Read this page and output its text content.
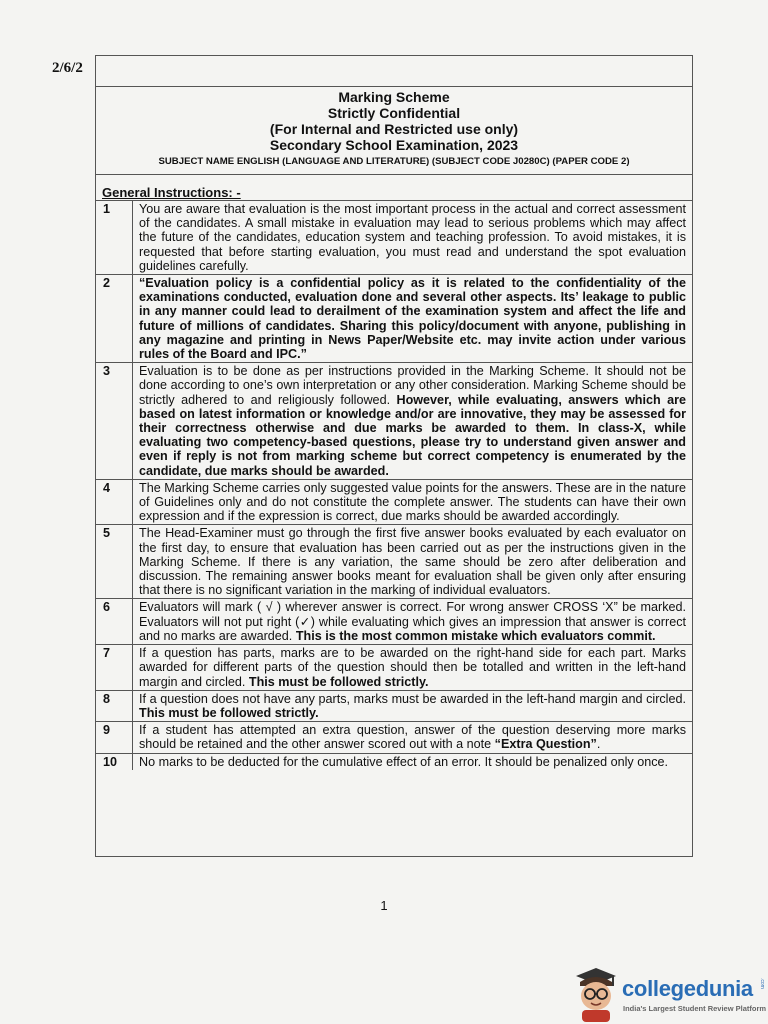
2/6/2
Marking Scheme
Strictly Confidential
(For Internal and Restricted use only)
Secondary School Examination, 2023
SUBJECT NAME ENGLISH (LANGUAGE AND LITERATURE) (SUBJECT CODE J0280C) (PAPER CODE 2)
General Instructions: -
1	You are aware that evaluation is the most important process in the actual and correct assessment of the candidates. A small mistake in evaluation may lead to serious problems which may affect the future of the candidates, education system and teaching profession. To avoid mistakes, it is requested that before starting evaluation, you must read and understand the spot evaluation guidelines carefully.
2	“Evaluation policy is a confidential policy as it is related to the confidentiality of the examinations conducted, evaluation done and several other aspects. Its’ leakage to public in any manner could lead to derailment of the examination system and affect the life and future of millions of candidates. Sharing this policy/document with anyone, publishing in any magazine and printing in News Paper/Website etc. may invite action under various rules of the Board and IPC.”
3	Evaluation is to be done as per instructions provided in the Marking Scheme. It should not be done according to one’s own interpretation or any other consideration. Marking Scheme should be strictly adhered to and religiously followed. However, while evaluating, answers which are based on latest information or knowledge and/or are innovative, they may be assessed for their correctness otherwise and due marks be awarded to them. In class-X, while evaluating two competency-based questions, please try to understand given answer and even if reply is not from marking scheme but correct competency is enumerated by the candidate, due marks should be awarded.
4	The Marking Scheme carries only suggested value points for the answers. These are in the nature of Guidelines only and do not constitute the complete answer. The students can have their own expression and if the expression is correct, due marks should be awarded accordingly.
5	The Head-Examiner must go through the first five answer books evaluated by each evaluator on the first day, to ensure that evaluation has been carried out as per the instructions given in the Marking Scheme. If there is any variation, the same should be zero after deliberation and discussion. The remaining answer books meant for evaluation shall be given only after ensuring that there is no significant variation in the marking of individual evaluators.
6	Evaluators will mark ( √ ) wherever answer is correct. For wrong answer CROSS ‘X” be marked. Evaluators will not put right (✓) while evaluating which gives an impression that answer is correct and no marks are awarded. This is the most common mistake which evaluators commit.
7	If a question has parts, marks are to be awarded on the right-hand side for each part. Marks awarded for different parts of the question should then be totalled and written in the left-hand margin and circled. This must be followed strictly.
8	If a question does not have any parts, marks must be awarded in the left-hand margin and circled. This must be followed strictly.
9	If a student has attempted an extra question, answer of the question deserving more marks should be retained and the other answer scored out with a note “Extra Question”.
10	No marks to be deducted for the cumulative effect of an error. It should be penalized only once.
1
collegedunia .com
India's Largest Student Review Platform
